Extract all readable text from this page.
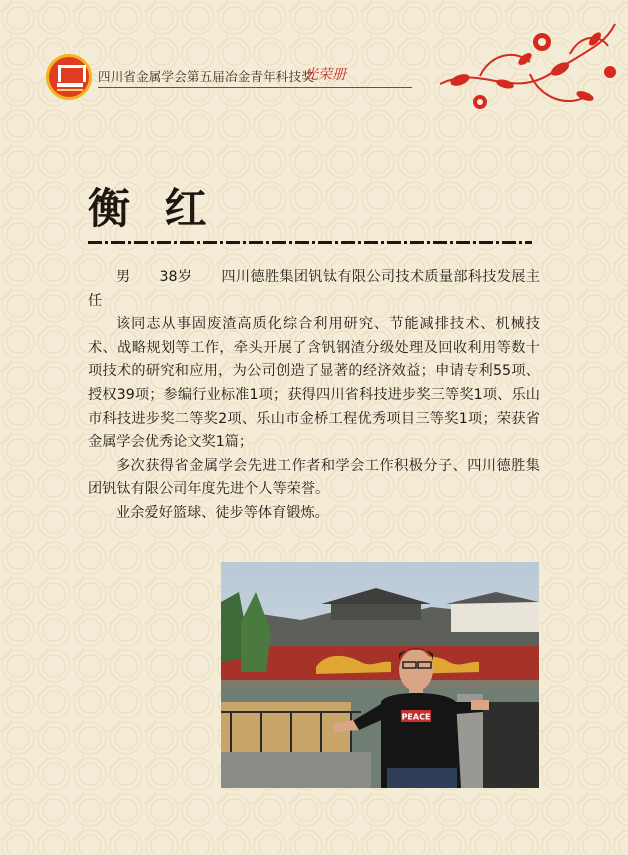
四川省金属学会第五届冶金青年科技奖
光荣册
衡 红

男　　38岁　　四川德胜集团钒钛有限公司技术质量部科技发展主任

该同志从事固废渣高质化综合利用研究、节能减排技术、机械技术、战略规划等工作，牵头开展了含钒钢渣分级处理及回收利用等数十项技术的研究和应用，为公司创造了显著的经济效益；申请专利55项、授权39项；参编行业标准1项；获得四川省科技进步奖三等奖1项、乐山市科技进步奖二等奖2项、乐山市金桥工程优秀项目三等奖1项；荣获省金属学会优秀论文奖1篇；

多次获得省金属学会先进工作者和学会工作积极分子、四川德胜集团钒钛有限公司年度先进个人等荣誉。

业余爱好篮球、徒步等体育锻炼。

PEACE
